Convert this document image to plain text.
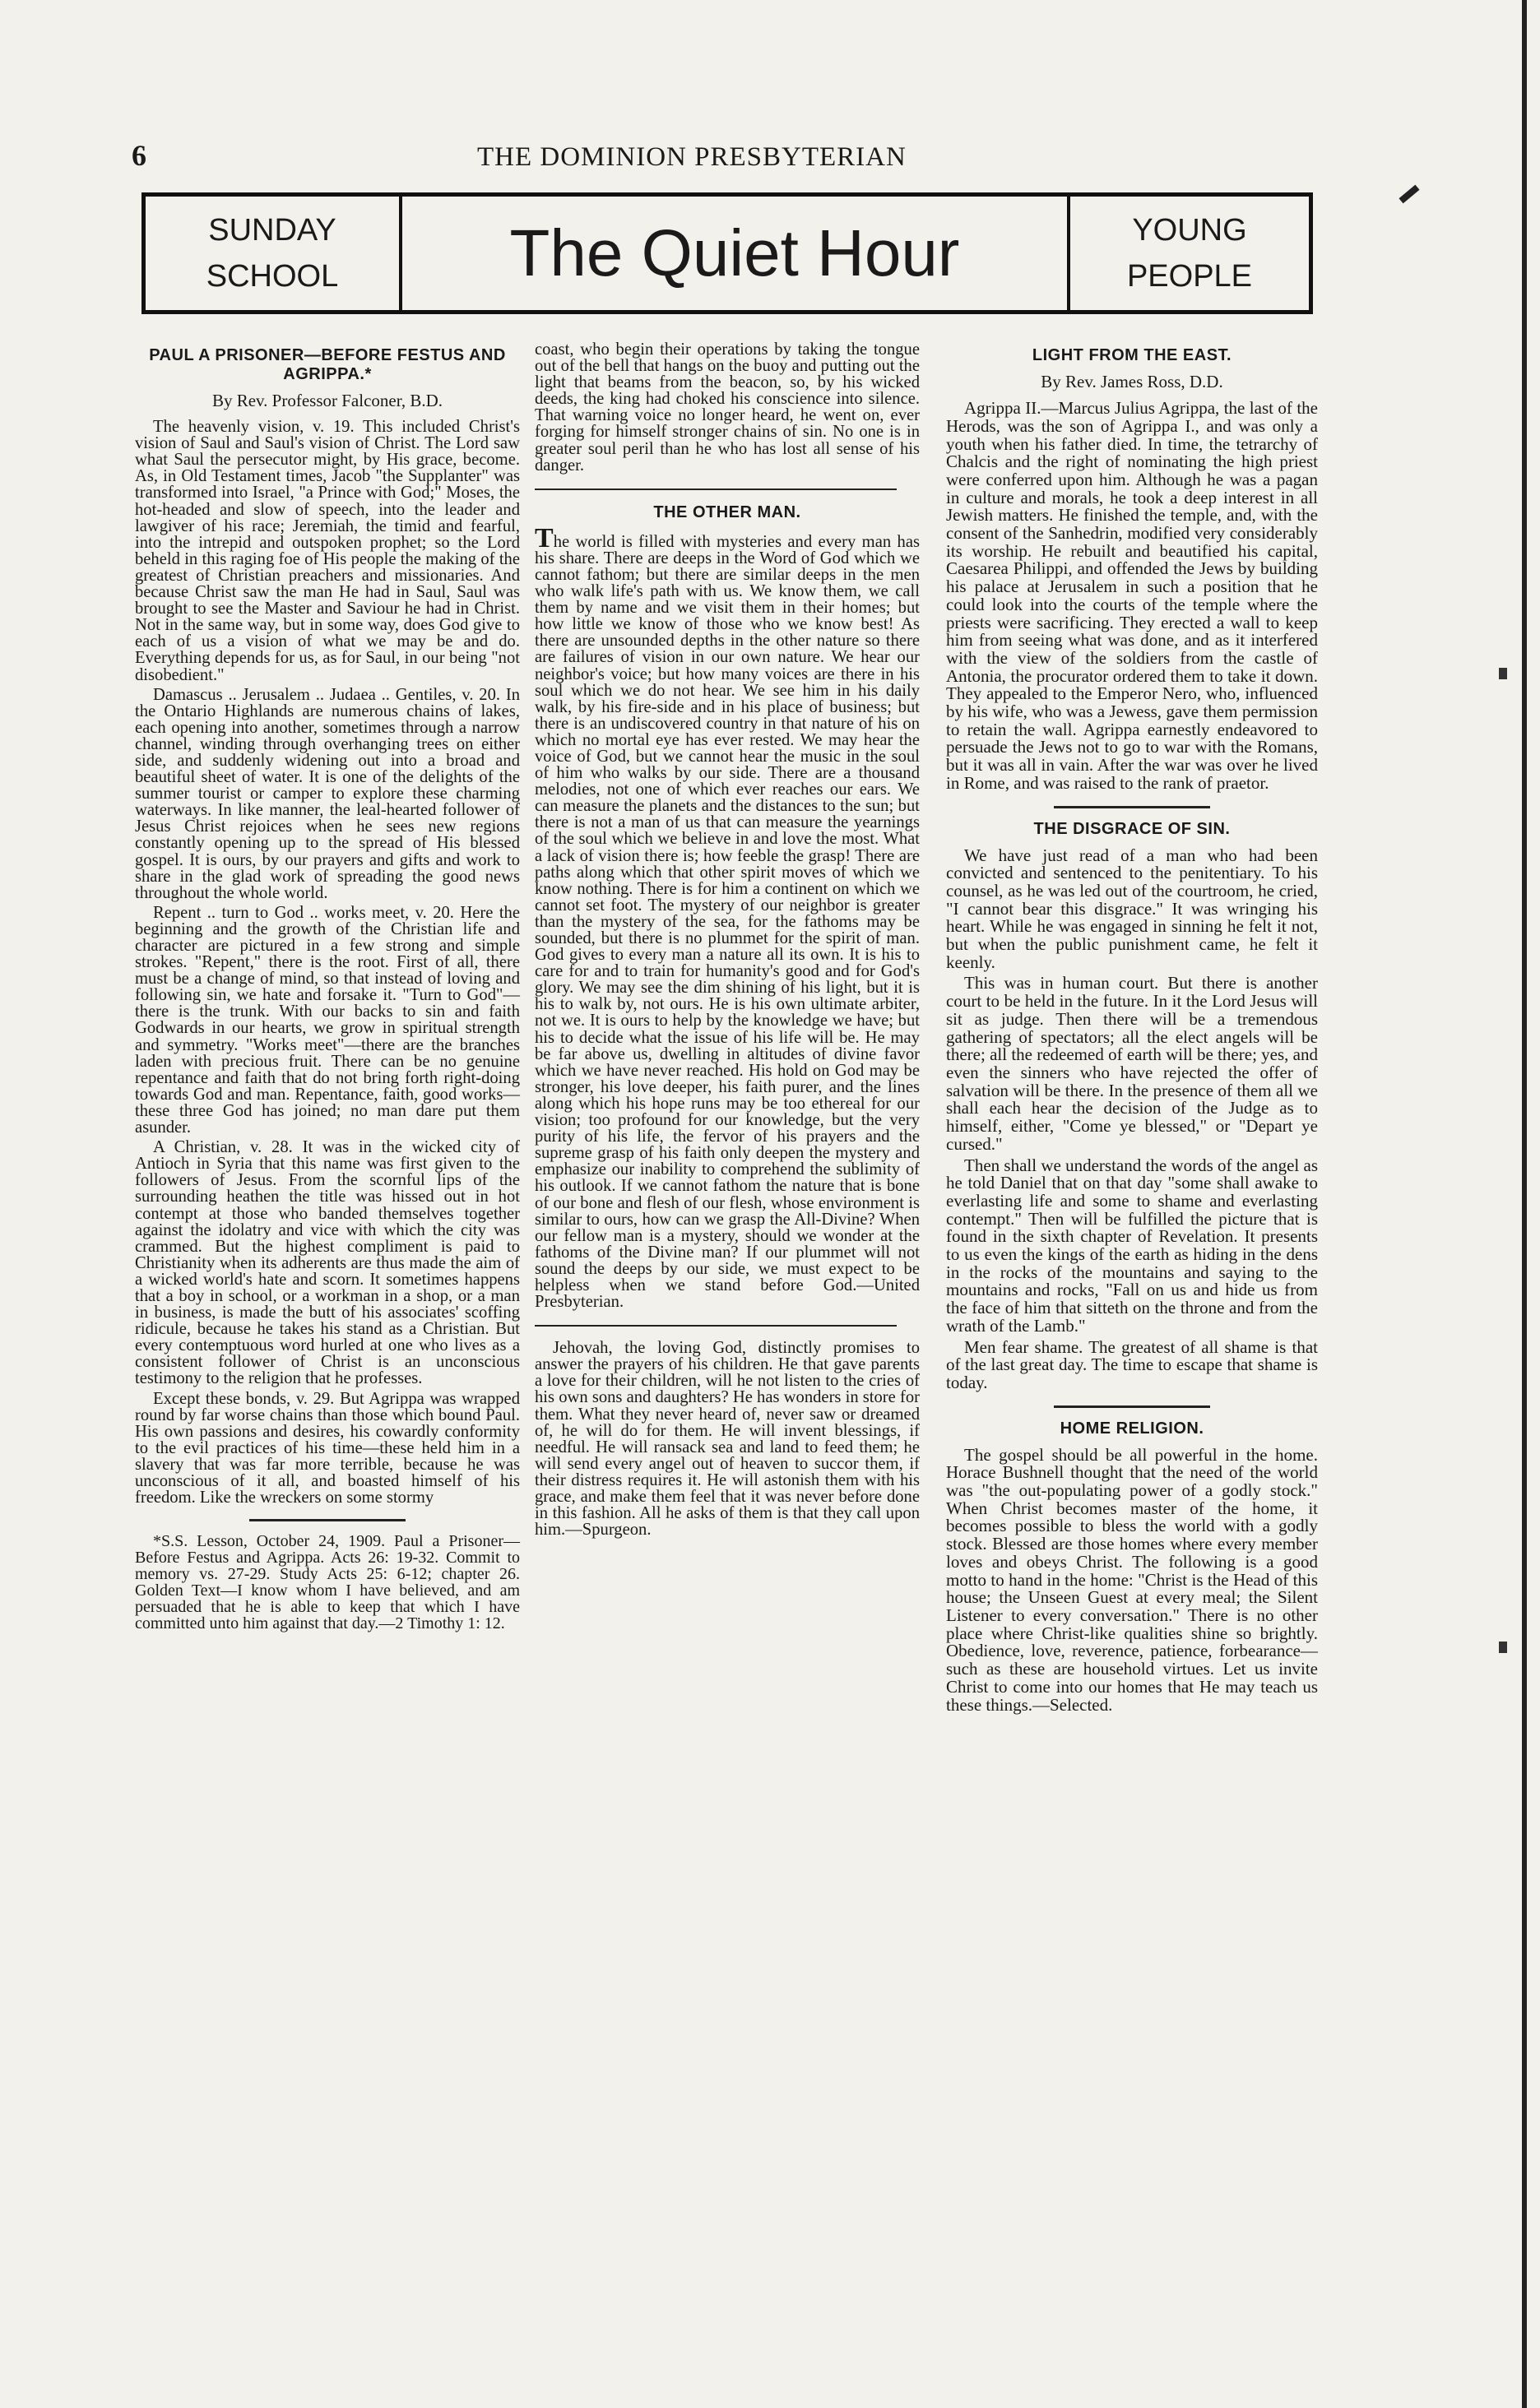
6	THE DOMINION PRESBYTERIAN
SUNDAY
SCHOOL	The Quiet Hour	YOUNG
PEOPLE
PAUL A PRISONER—BEFORE FESTUS AND AGRIPPA.*
By Rev. Professor Falconer, B.D.

The heavenly vision, v. 19. This included Christ's vision of Saul and Saul's vision of Christ. The Lord saw what Saul the persecutor might, by His grace, become. As, in Old Testament times, Jacob "the Supplanter" was transformed into Israel, "a Prince with God;" Moses, the hot-headed and slow of speech, into the leader and lawgiver of his race; Jeremiah, the timid and fearful, into the intrepid and outspoken prophet; so the Lord beheld in this raging foe of His people the making of the greatest of Christian preachers and missionaries. And because Christ saw the man He had in Saul, Saul was brought to see the Master and Saviour he had in Christ. Not in the same way, but in some way, does God give to each of us a vision of what we may be and do. Everything depends for us, as for Saul, in our being "not disobedient."

Damascus .. Jerusalem .. Judaea .. Gentiles, v. 20. In the Ontario Highlands are numerous chains of lakes, each opening into another, sometimes through a narrow channel, winding through overhanging trees on either side, and suddenly widening out into a broad and beautiful sheet of water. It is one of the delights of the summer tourist or camper to explore these charming waterways. In like manner, the leal-hearted follower of Jesus Christ rejoices when he sees new regions constantly opening up to the spread of His blessed gospel. It is ours, by our prayers and gifts and work to share in the glad work of spreading the good news throughout the whole world.

Repent .. turn to God .. works meet, v. 20. Here the beginning and the growth of the Christian life and character are pictured in a few strong and simple strokes. "Repent," there is the root. First of all, there must be a change of mind, so that instead of loving and following sin, we hate and forsake it. "Turn to God"—there is the trunk. With our backs to sin and faith Godwards in our hearts, we grow in spiritual strength and symmetry. "Works meet"—there are the branches laden with precious fruit. There can be no genuine repentance and faith that do not bring forth right-doing towards God and man. Repentance, faith, good works—these three God has joined; no man dare put them asunder.

A Christian, v. 28. It was in the wicked city of Antioch in Syria that this name was first given to the followers of Jesus. From the scornful lips of the surrounding heathen the title was hissed out in hot contempt at those who banded themselves together against the idolatry and vice with which the city was crammed. But the highest compliment is paid to Christianity when its adherents are thus made the aim of a wicked world's hate and scorn. It sometimes happens that a boy in school, or a workman in a shop, or a man in business, is made the butt of his associates' scoffing ridicule, because he takes his stand as a Christian. But every contemptuous word hurled at one who lives as a consistent follower of Christ is an unconscious testimony to the religion that he professes.

Except these bonds, v. 29. But Agrippa was wrapped round by far worse chains than those which bound Paul. His own passions and desires, his cowardly conformity to the evil practices of his time—these held him in a slavery that was far more terrible, because he was unconscious of it all, and boasted himself of his freedom. Like the wreckers on some stormy

*S.S. Lesson, October 24, 1909. Paul a Prisoner—Before Festus and Agrippa. Acts 26: 19-32. Commit to memory vs. 27-29. Study Acts 25: 6-12; chapter 26. Golden Text—I know whom I have believed, and am persuaded that he is able to keep that which I have committed unto him against that day.—2 Timothy 1: 12.

coast, who begin their operations by taking the tongue out of the bell that hangs on the buoy and putting out the light that beams from the beacon, so, by his wicked deeds, the king had choked his conscience into silence. That warning voice no longer heard, he went on, ever forging for himself stronger chains of sin. No one is in greater soul peril than he who has lost all sense of his danger.

THE OTHER MAN.

The world is filled with mysteries and every man has his share. There are deeps in the Word of God which we cannot fathom; but there are similar deeps in the men who walk life's path with us. We know them, we call them by name and we visit them in their homes; but how little we know of those who we know best! As there are unsounded depths in the other nature so there are failures of vision in our own nature. We hear our neighbor's voice; but how many voices are there in his soul which we do not hear. We see him in his daily walk, by his fire-side and in his place of business; but there is an undiscovered country in that nature of his on which no mortal eye has ever rested. We may hear the voice of God, but we cannot hear the music in the soul of him who walks by our side. There are a thousand melodies, not one of which ever reaches our ears. We can measure the planets and the distances to the sun; but there is not a man of us that can measure the yearnings of the soul which we believe in and love the most. What a lack of vision there is; how feeble the grasp! There are paths along which that other spirit moves of which we know nothing. There is for him a continent on which we cannot set foot. The mystery of our neighbor is greater than the mystery of the sea, for the fathoms may be sounded, but there is no plummet for the spirit of man. God gives to every man a nature all its own. It is his to care for and to train for humanity's good and for God's glory. We may see the dim shining of his light, but it is his to walk by, not ours. He is his own ultimate arbiter, not we. It is ours to help by the knowledge we have; but his to decide what the issue of his life will be. He may be far above us, dwelling in altitudes of divine favor which we have never reached. His hold on God may be stronger, his love deeper, his faith purer, and the lines along which his hope runs may be too ethereal for our vision; too profound for our knowledge, but the very purity of his life, the fervor of his prayers and the supreme grasp of his faith only deepen the mystery and emphasize our inability to comprehend the sublimity of his outlook. If we cannot fathom the nature that is bone of our bone and flesh of our flesh, whose environment is similar to ours, how can we grasp the All-Divine? When our fellow man is a mystery, should we wonder at the fathoms of the Divine man? If our plummet will not sound the deeps by our side, we must expect to be helpless when we stand before God.—United Presbyterian.

Jehovah, the loving God, distinctly promises to answer the prayers of his children. He that gave parents a love for their children, will he not listen to the cries of his own sons and daughters? He has wonders in store for them. What they never heard of, never saw or dreamed of, he will do for them. He will invent blessings, if needful. He will ransack sea and land to feed them; he will send every angel out of heaven to succor them, if their distress requires it. He will astonish them with his grace, and make them feel that it was never before done in this fashion. All he asks of them is that they call upon him.—Spurgeon.

LIGHT FROM THE EAST.
By Rev. James Ross, D.D.

Agrippa II.—Marcus Julius Agrippa, the last of the Herods, was the son of Agrippa I., and was only a youth when his father died. In time, the tetrarchy of Chalcis and the right of nominating the high priest were conferred upon him. Although he was a pagan in culture and morals, he took a deep interest in all Jewish matters. He finished the temple, and, with the consent of the Sanhedrin, modified very considerably its worship. He rebuilt and beautified his capital, Caesarea Philippi, and offended the Jews by building his palace at Jerusalem in such a position that he could look into the courts of the temple where the priests were sacrificing. They erected a wall to keep him from seeing what was done, and as it interfered with the view of the soldiers from the castle of Antonia, the procurator ordered them to take it down. They appealed to the Emperor Nero, who, influenced by his wife, who was a Jewess, gave them permission to retain the wall. Agrippa earnestly endeavored to persuade the Jews not to go to war with the Romans, but it was all in vain. After the war was over he lived in Rome, and was raised to the rank of praetor.

THE DISGRACE OF SIN.

We have just read of a man who had been convicted and sentenced to the penitentiary. To his counsel, as he was led out of the courtroom, he cried, "I cannot bear this disgrace." It was wringing his heart. While he was engaged in sinning he felt it not, but when the public punishment came, he felt it keenly.

This was in human court. But there is another court to be held in the future. In it the Lord Jesus will sit as judge. Then there will be a tremendous gathering of spectators; all the elect angels will be there; all the redeemed of earth will be there; yes, and even the sinners who have rejected the offer of salvation will be there. In the presence of them all we shall each hear the decision of the Judge as to himself, either, "Come ye blessed," or "Depart ye cursed."

Then shall we understand the words of the angel as he told Daniel that on that day "some shall awake to everlasting life and some to shame and everlasting contempt." Then will be fulfilled the picture that is found in the sixth chapter of Revelation. It presents to us even the kings of the earth as hiding in the dens in the rocks of the mountains and saying to the mountains and rocks, "Fall on us and hide us from the face of him that sitteth on the throne and from the wrath of the Lamb."

Men fear shame. The greatest of all shame is that of the last great day. The time to escape that shame is today.

HOME RELIGION.

The gospel should be all powerful in the home. Horace Bushnell thought that the need of the world was "the out-populating power of a godly stock." When Christ becomes master of the home, it becomes possible to bless the world with a godly stock. Blessed are those homes where every member loves and obeys Christ. The following is a good motto to hand in the home: "Christ is the Head of this house; the Unseen Guest at every meal; the Silent Listener to every conversation." There is no other place where Christ-like qualities shine so brightly. Obedience, love, reverence, patience, forbearance—such as these are household virtues. Let us invite Christ to come into our homes that He may teach us these things.—Selected.
